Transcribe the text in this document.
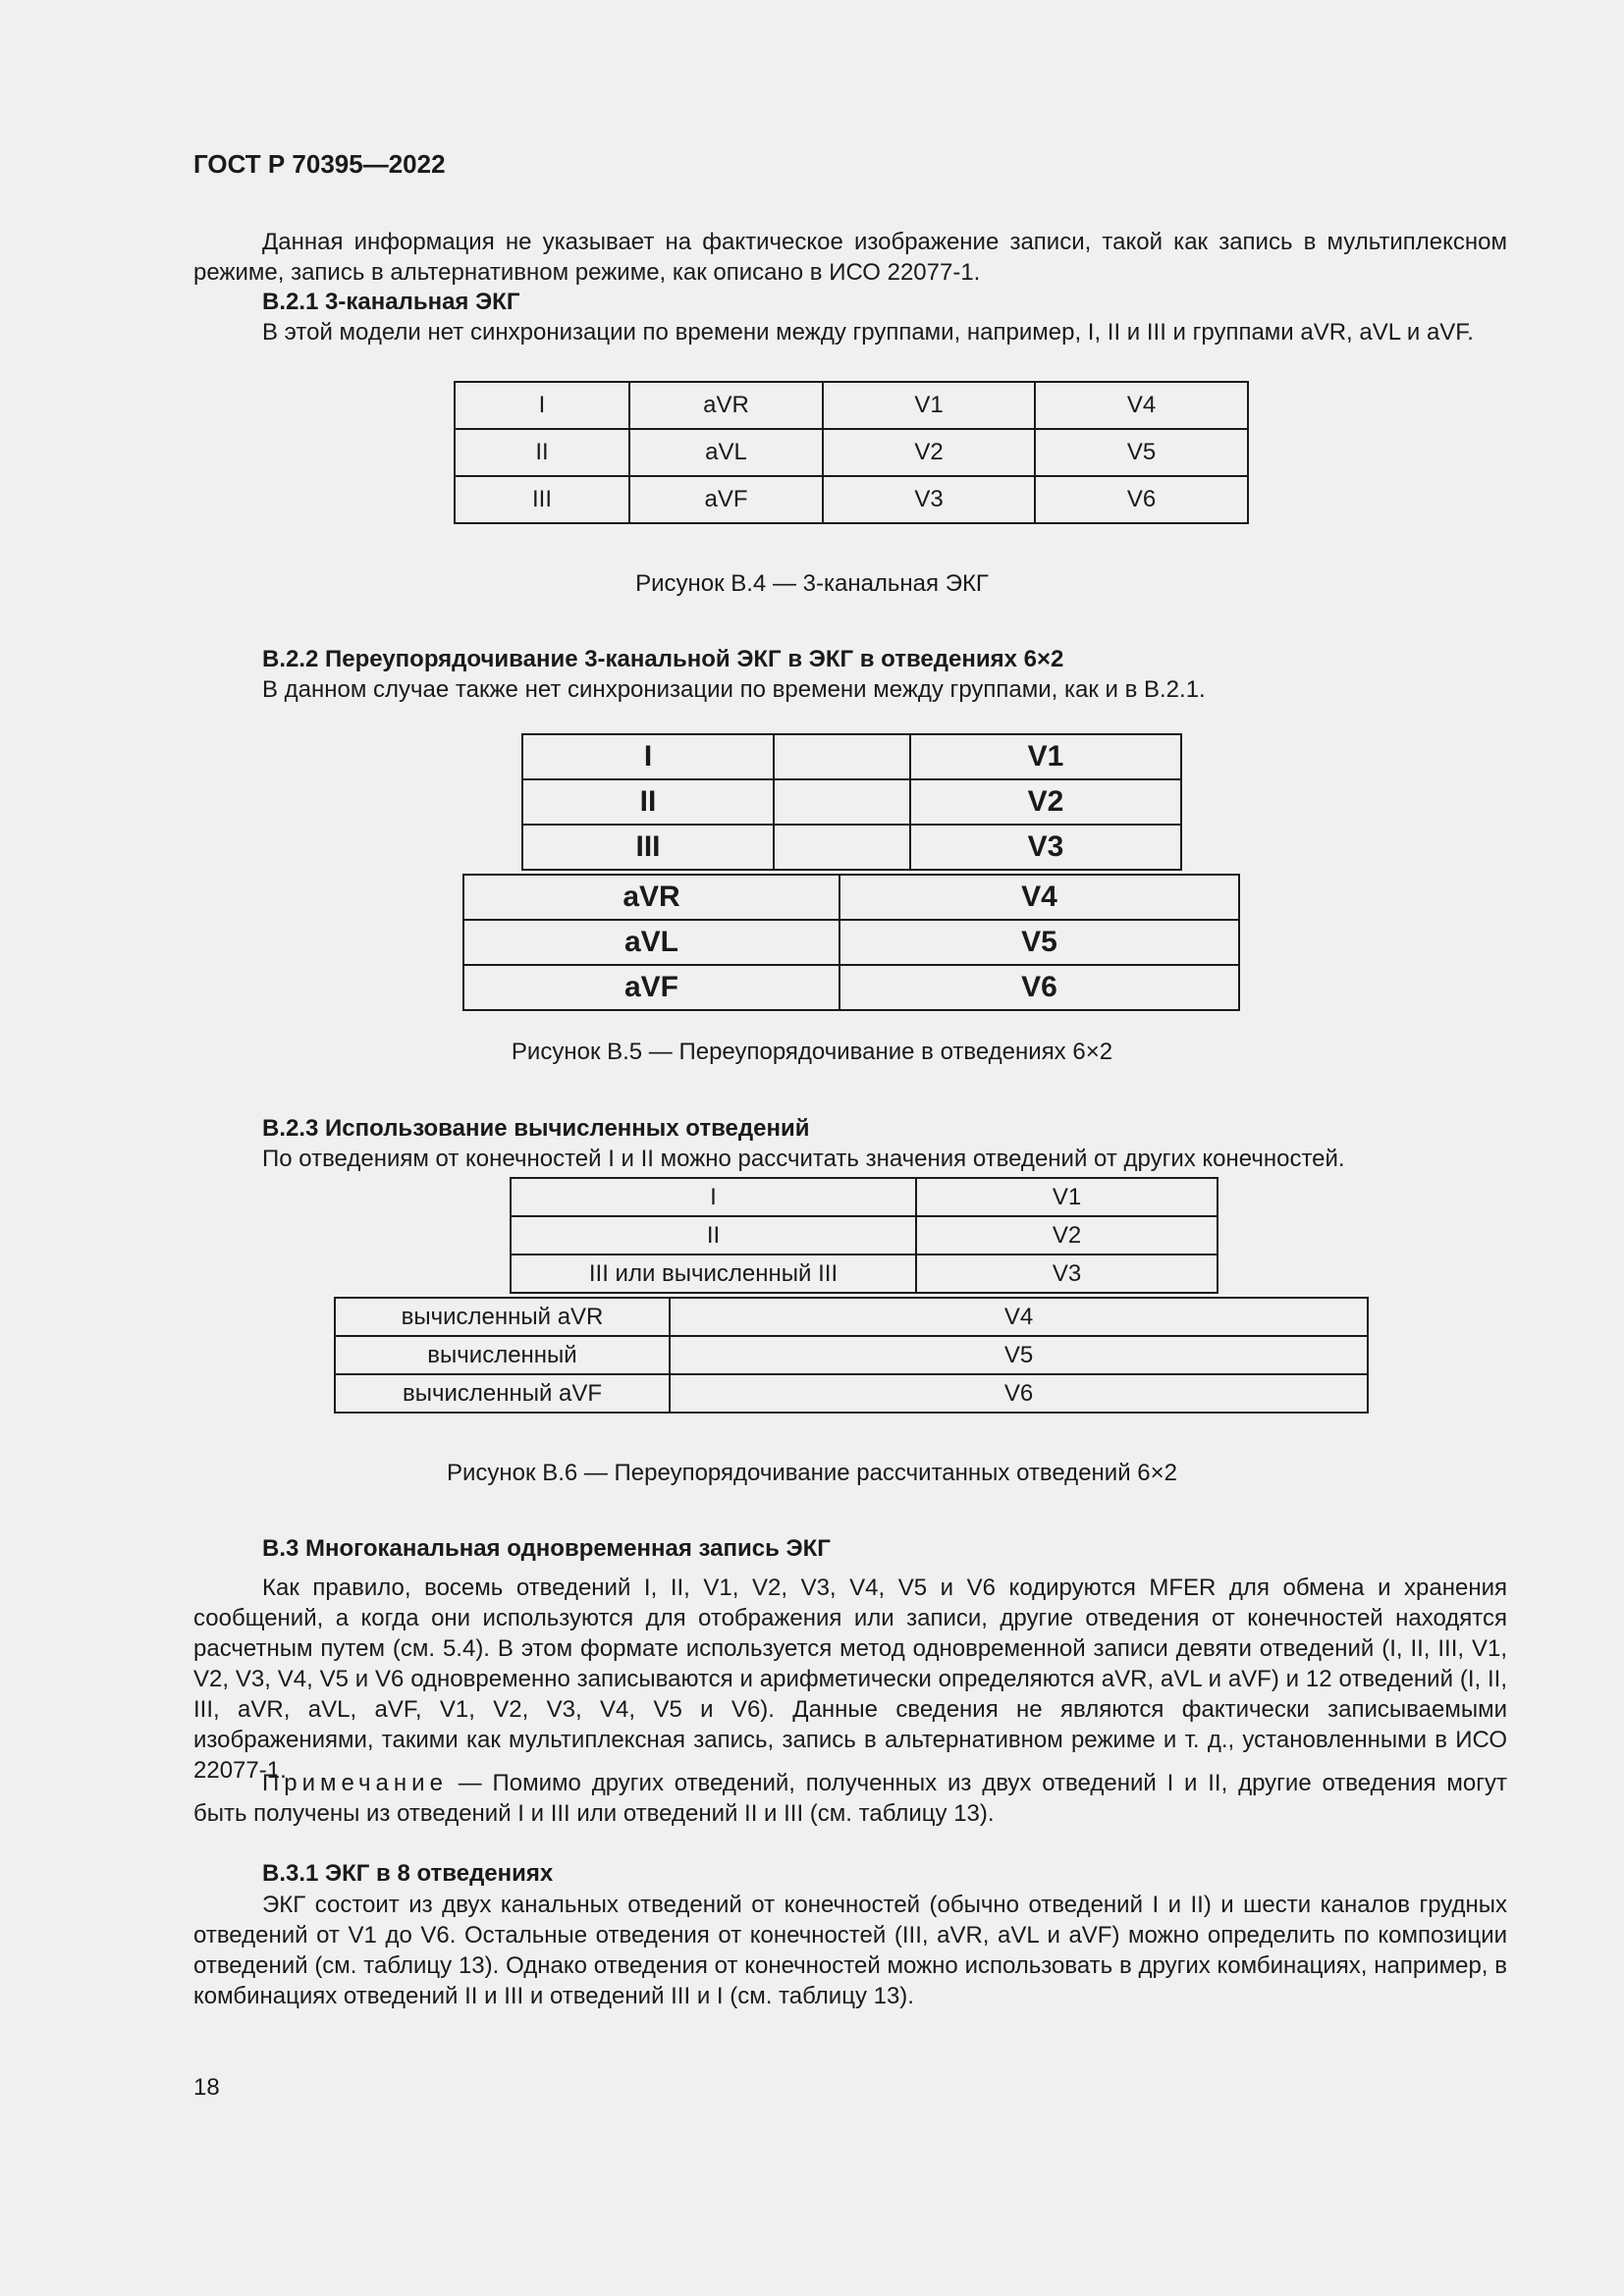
ГОСТ Р 70395—2022
Данная информация не указывает на фактическое изображение записи, такой как запись в мультиплексном режиме, запись в альтернативном режиме, как описано в ИСО 22077-1.
В.2.1 3-канальная ЭКГ
В этой модели нет синхронизации по времени между группами, например, I, II и III и группами aVR, aVL и aVF.
I	aVR	V1	V4
II	aVL	V2	V5
III	aVF	V3	V6
Рисунок В.4 — 3-канальная ЭКГ
В.2.2 Переупорядочивание 3-канальной ЭКГ в ЭКГ в отведениях 6×2
В данном случае также нет синхронизации по времени между группами, как и в В.2.1.
I		V1
II		V2
III		V3
aVR	V4
aVL	V5
aVF	V6
Рисунок В.5 — Переупорядочивание в отведениях 6×2
В.2.3 Использование вычисленных отведений
По отведениям от конечностей I и II можно рассчитать значения отведений от других конечностей.
I	V1
II	V2
III или вычисленный III	V3
вычисленный aVR	V4
вычисленный	V5
вычисленный aVF	V6
Рисунок В.6 — Переупорядочивание рассчитанных отведений 6×2
В.3 Многоканальная одновременная запись ЭКГ
Как правило, восемь отведений I, II, V1, V2, V3, V4, V5 и V6 кодируются MFER для обмена и хранения сообщений, а когда они используются для отображения или записи, другие отведения от конечностей находятся расчетным путем (см. 5.4). В этом формате используется метод одновременной записи девяти отведений (I, II, III, V1, V2, V3, V4, V5 и V6 одновременно записываются и арифметически определяются aVR, aVL и aVF) и 12 отведений (I, II, III, aVR, aVL, aVF, V1, V2, V3, V4, V5 и V6). Данные сведения не являются фактически записываемыми изображениями, такими как мультиплексная запись, запись в альтернативном режиме и т. д., установленными в ИСО 22077-1.
Примечание — Помимо других отведений, полученных из двух отведений I и II, другие отведения могут быть получены из отведений I и III или отведений II и III (см. таблицу 13).
В.3.1 ЭКГ в 8 отведениях
ЭКГ состоит из двух канальных отведений от конечностей (обычно отведений I и II) и шести каналов грудных отведений от V1 до V6. Остальные отведения от конечностей (III, aVR, aVL и aVF) можно определить по композиции отведений (см. таблицу 13). Однако отведения от конечностей можно использовать в других комбинациях, например, в комбинациях отведений II и III и отведений III и I (см. таблицу 13).
18
